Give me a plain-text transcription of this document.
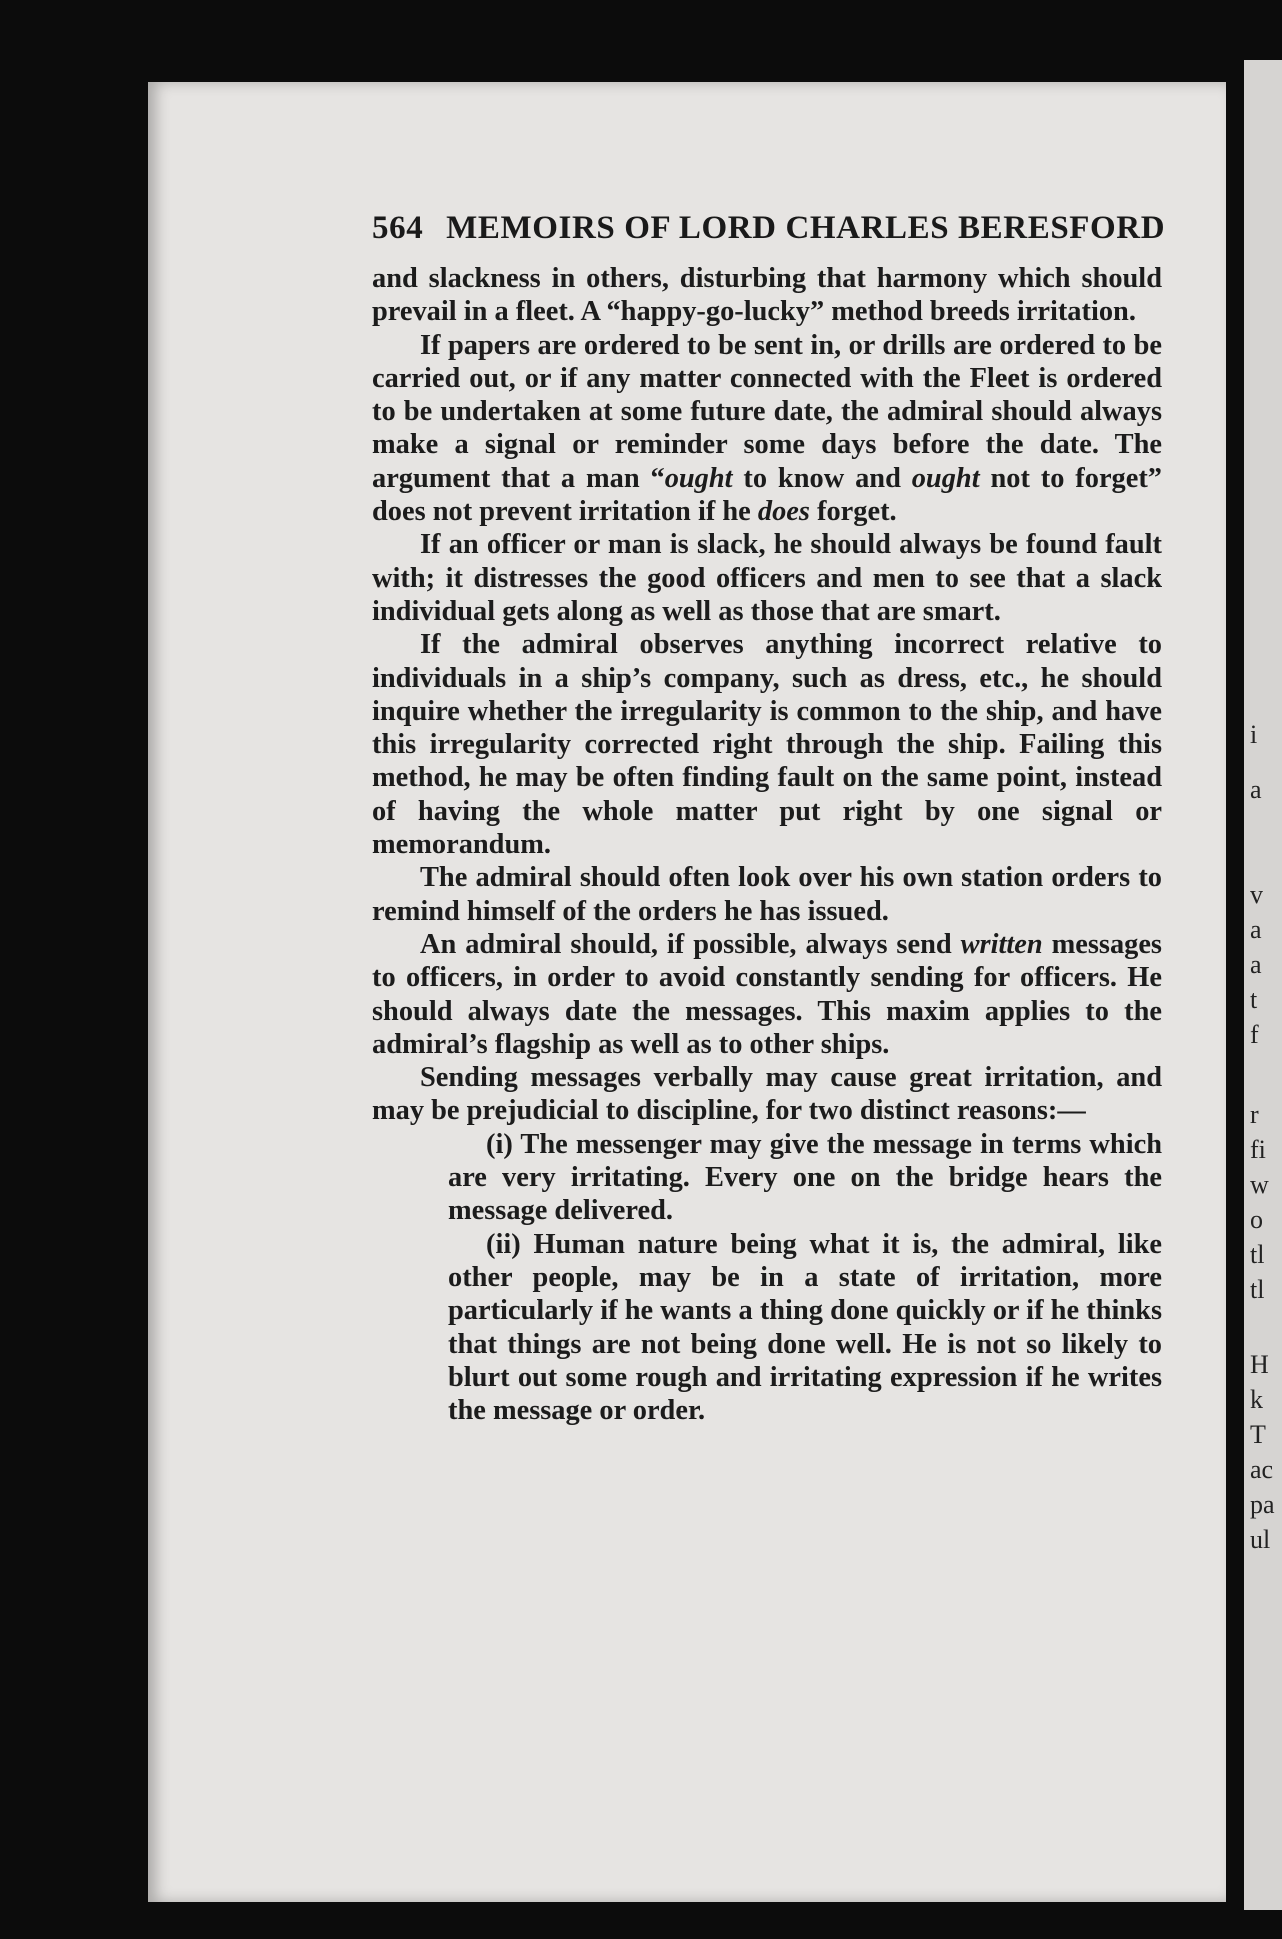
i
a
v
a
a
t
f
r
fi
w
o
tl
tl
H
k
T
ac
pa
ul
564 MEMOIRS OF LORD CHARLES BERESFORD

and slackness in others, disturbing that harmony which should prevail in a fleet. A “happy-go-lucky” method breeds irritation.

If papers are ordered to be sent in, or drills are ordered to be carried out, or if any matter connected with the Fleet is ordered to be undertaken at some future date, the admiral should always make a signal or reminder some days before the date. The argument that a man “ought to know and ought not to forget” does not prevent irritation if he does forget.

If an officer or man is slack, he should always be found fault with; it distresses the good officers and men to see that a slack individual gets along as well as those that are smart.

If the admiral observes anything incorrect relative to individuals in a ship’s company, such as dress, etc., he should inquire whether the irregularity is common to the ship, and have this irregularity corrected right through the ship. Failing this method, he may be often finding fault on the same point, instead of having the whole matter put right by one signal or memorandum.

The admiral should often look over his own station orders to remind himself of the orders he has issued.

An admiral should, if possible, always send written messages to officers, in order to avoid constantly sending for officers. He should always date the messages. This maxim applies to the admiral’s flagship as well as to other ships.

Sending messages verbally may cause great irritation, and may be prejudicial to discipline, for two distinct reasons:—

(i) The messenger may give the message in terms which are very irritating. Every one on the bridge hears the message delivered.

(ii) Human nature being what it is, the admiral, like other people, may be in a state of irritation, more particularly if he wants a thing done quickly or if he thinks that things are not being done well. He is not so likely to blurt out some rough and irritating expression if he writes the message or order.
